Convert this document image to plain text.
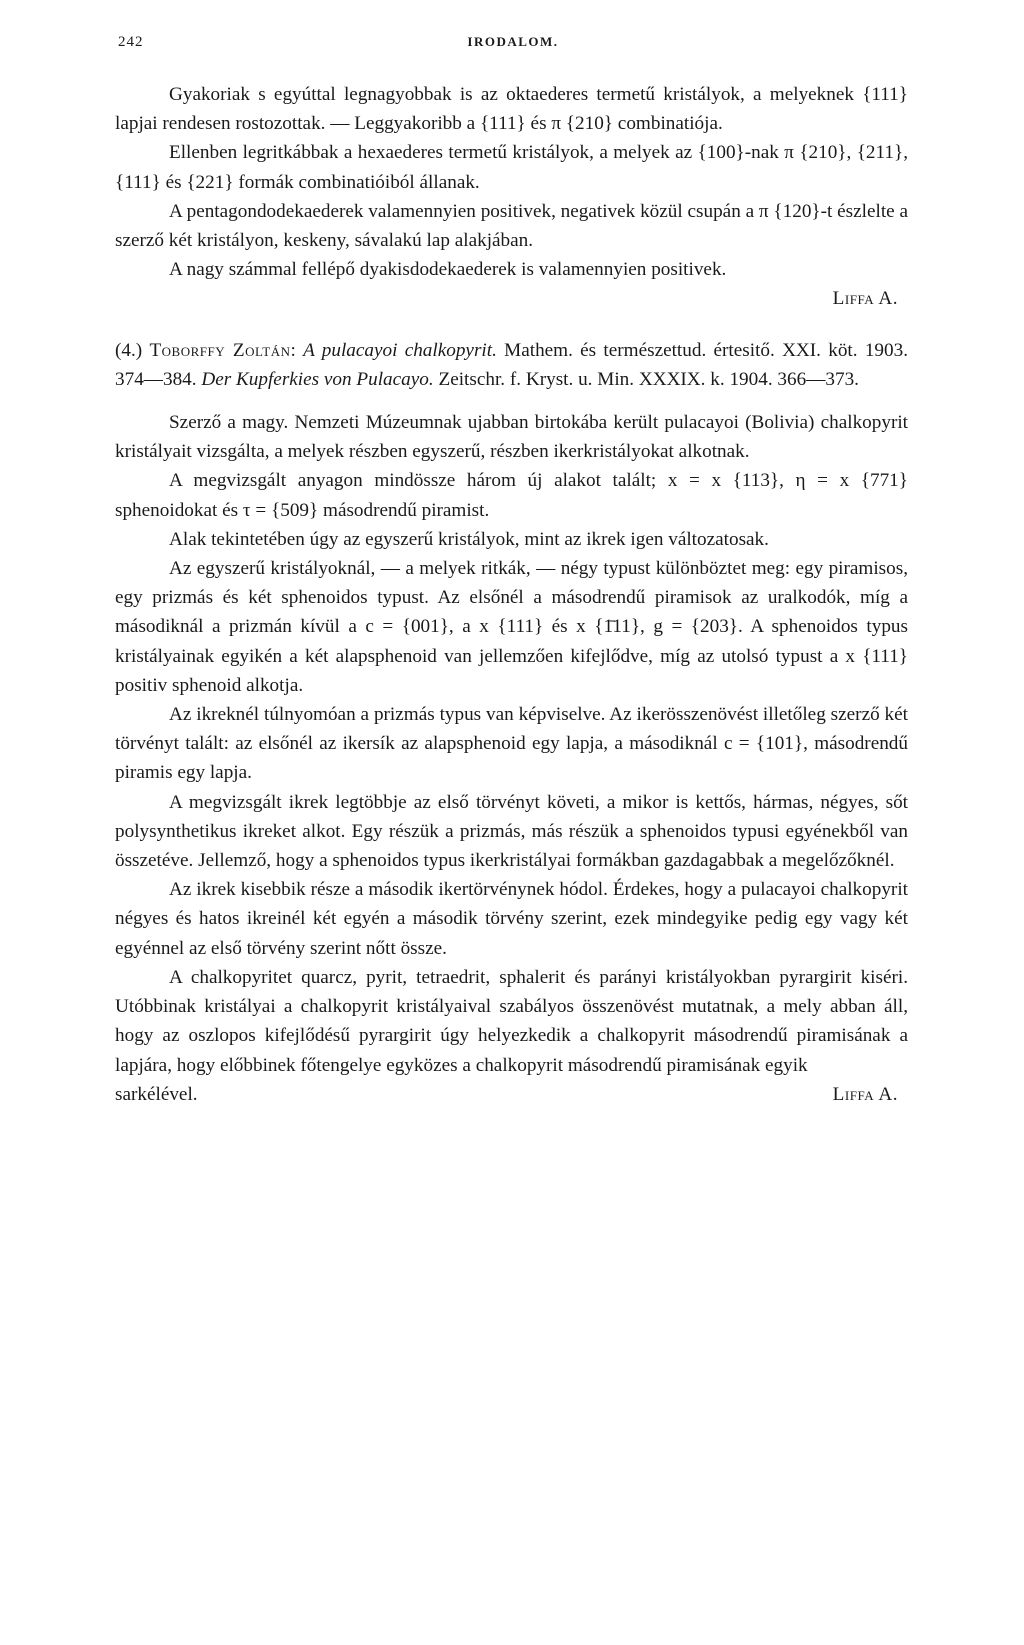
242	IRODALOM.

Gyakoriak s egyúttal legnagyobbak is az oktaederes termetű kristályok, a melyeknek {111} lapjai rendesen rostozottak. — Leggyakoribb a {111} és π {210} combinatiója.

Ellenben legritkábbak a hexaederes termetű kristályok, a melyek az {100}-nak π {210}, {211}, {111} és {221} formák combinatióiból állanak.

A pentagondodekaederek valamennyien positivek, negativek közül csupán a π {120}-t észlelte a szerző két kristályon, keskeny, sávalakú lap alakjában.

A nagy számmal fellépő dyakisdodekaederek is valamennyien positivek.

Liffa A.

(4.) Toborffy Zoltán: A pulacayoi chalkopyrit. Mathem. és természettud. értesitő. XXI. köt. 1903. 374—384. Der Kupferkies von Pulacayo. Zeitschr. f. Kryst. u. Min. XXXIX. k. 1904. 366—373.

Szerző a magy. Nemzeti Múzeumnak ujabban birtokába került pulacayoi (Bolivia) chalkopyrit kristályait vizsgálta, a melyek részben egyszerű, részben ikerkristályokat alkotnak.

A megvizsgált anyagon mindössze három új alakot talált; x = x {113}, η = x {771} sphenoidokat és τ = {509} másodrendű piramist.

Alak tekintetében úgy az egyszerű kristályok, mint az ikrek igen változatosak.

Az egyszerű kristályoknál, — a melyek ritkák, — négy typust különböztet meg: egy piramisos, egy prizmás és két sphenoidos typust. Az elsőnél a másodrendű piramisok az uralkodók, míg a másodiknál a prizmán kívül a c = {001}, a x {111} és x {1̄11}, g = {203}. A sphenoidos typus kristályainak egyikén a két alapsphenoid van jellemzően kifejlődve, míg az utolsó typust a x {111} positiv sphenoid alkotja.

Az ikreknél túlnyomóan a prizmás typus van képviselve. Az ikerösszenövést illetőleg szerző két törvényt talált: az elsőnél az ikersík az alapsphenoid egy lapja, a másodiknál c = {101}, másodrendű piramis egy lapja.

A megvizsgált ikrek legtöbbje az első törvényt követi, a mikor is kettős, hármas, négyes, sőt polysynthetikus ikreket alkot. Egy részük a prizmás, más részük a sphenoidos typusi egyénekből van összetéve. Jellemző, hogy a sphenoidos typus ikerkristályai formákban gazdagabbak a megelőzőknél.

Az ikrek kisebbik része a második ikertörvénynek hódol. Érdekes, hogy a pulacayoi chalkopyrit négyes és hatos ikreinél két egyén a második törvény szerint, ezek mindegyike pedig egy vagy két egyénnel az első törvény szerint nőtt össze.

A chalkopyritet quarcz, pyrit, tetraedrit, sphalerit és parányi kristályokban pyrargirit kiséri. Utóbbinak kristályai a chalkopyrit kristályaival szabályos összenövést mutatnak, a mely abban áll, hogy az oszlopos kifejlődésű pyrargirit úgy helyezkedik a chalkopyrit másodrendű piramisának a lapjára, hogy előbbinek főtengelye egyközes a chalkopyrit másodrendű piramisának egyik

sarkélével.	Liffa A.
